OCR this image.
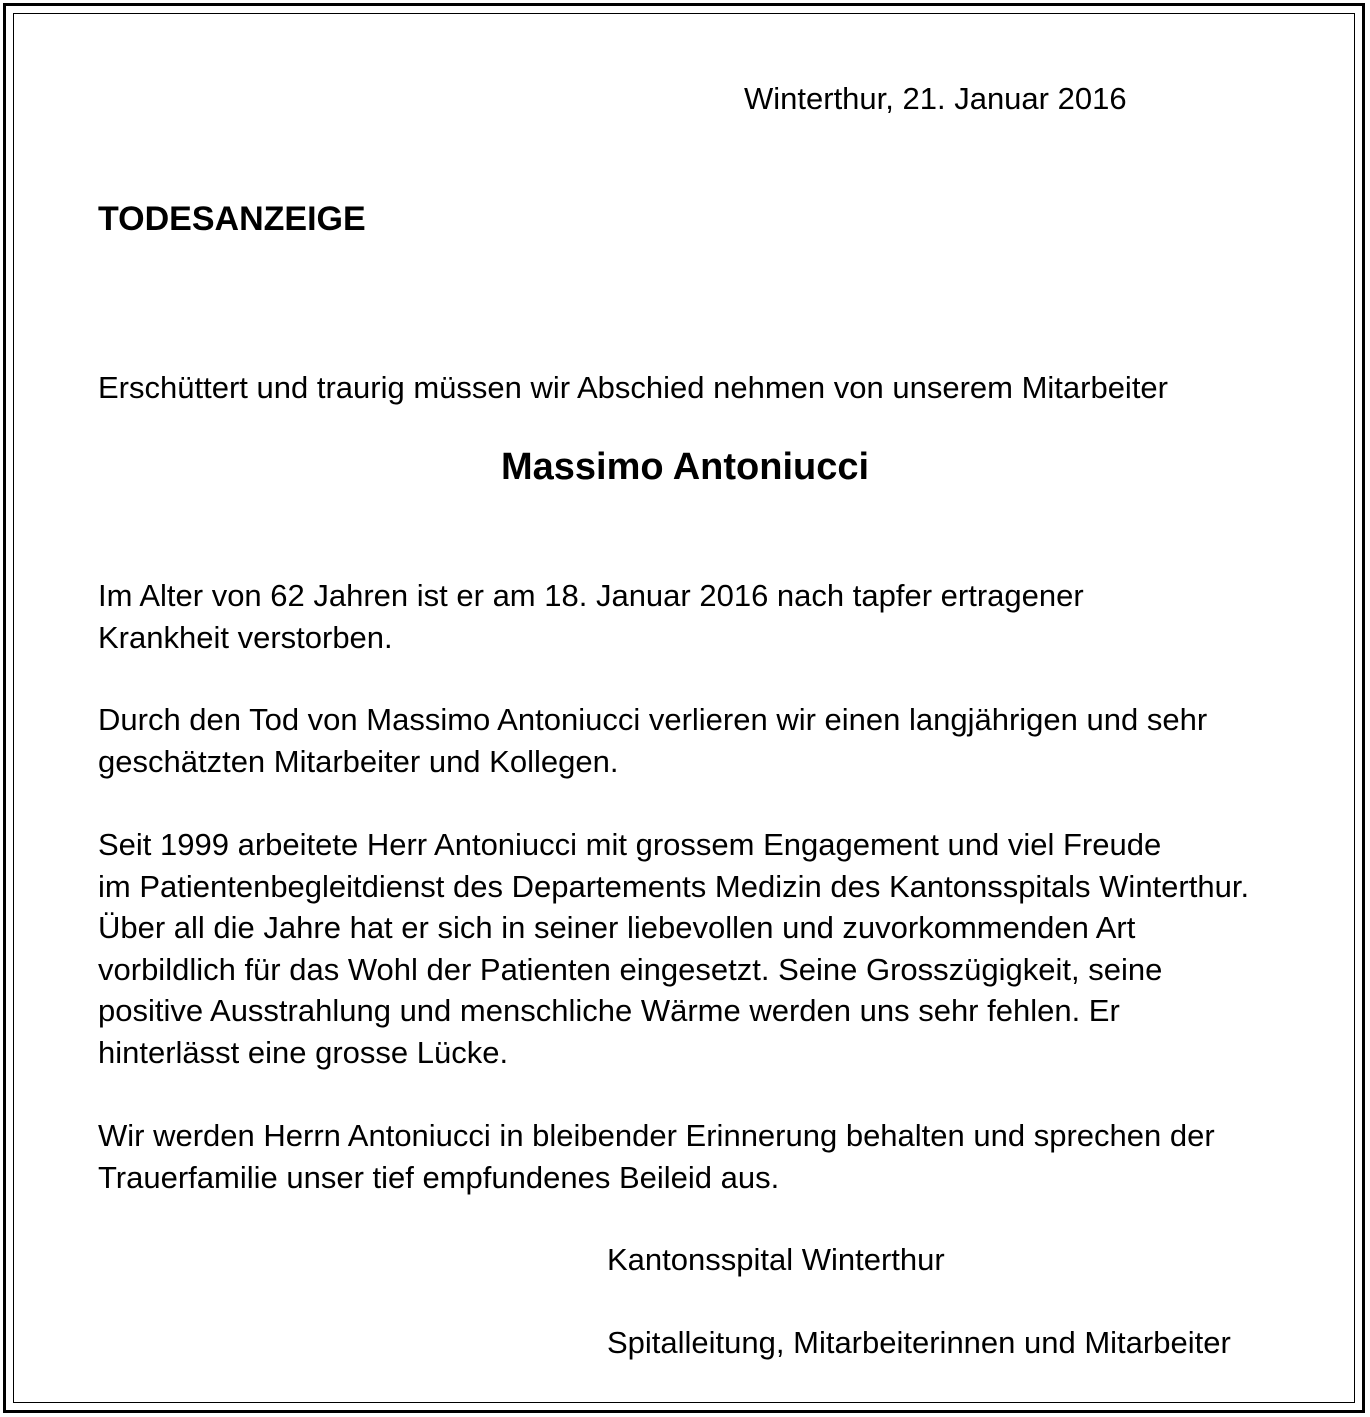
Winterthur, 21. Januar 2016

TODESANZEIGE

Erschüttert und traurig müssen wir Abschied nehmen von unserem Mitarbeiter

Massimo Antoniucci

Im Alter von 62 Jahren ist er am 18. Januar 2016 nach tapfer ertragener
Krankheit verstorben.
Durch den Tod von Massimo Antoniucci verlieren wir einen langjährigen und sehr
geschätzten Mitarbeiter und Kollegen.
Seit 1999 arbeitete Herr Antoniucci mit grossem Engagement und viel Freude
im Patientenbegleitdienst des Departements Medizin des Kantonsspitals Winterthur.
Über all die Jahre hat er sich in seiner liebevollen und zuvorkommenden Art
vorbildlich für das Wohl der Patienten eingesetzt. Seine Grosszügigkeit, seine
positive Ausstrahlung und menschliche Wärme werden uns sehr fehlen. Er
hinterlässt eine grosse Lücke.
Wir werden Herrn Antoniucci in bleibender Erinnerung behalten und sprechen der
Trauerfamilie unser tief empfundenes Beileid aus.

Kantonsspital Winterthur

Spitalleitung, Mitarbeiterinnen und Mitarbeiter
